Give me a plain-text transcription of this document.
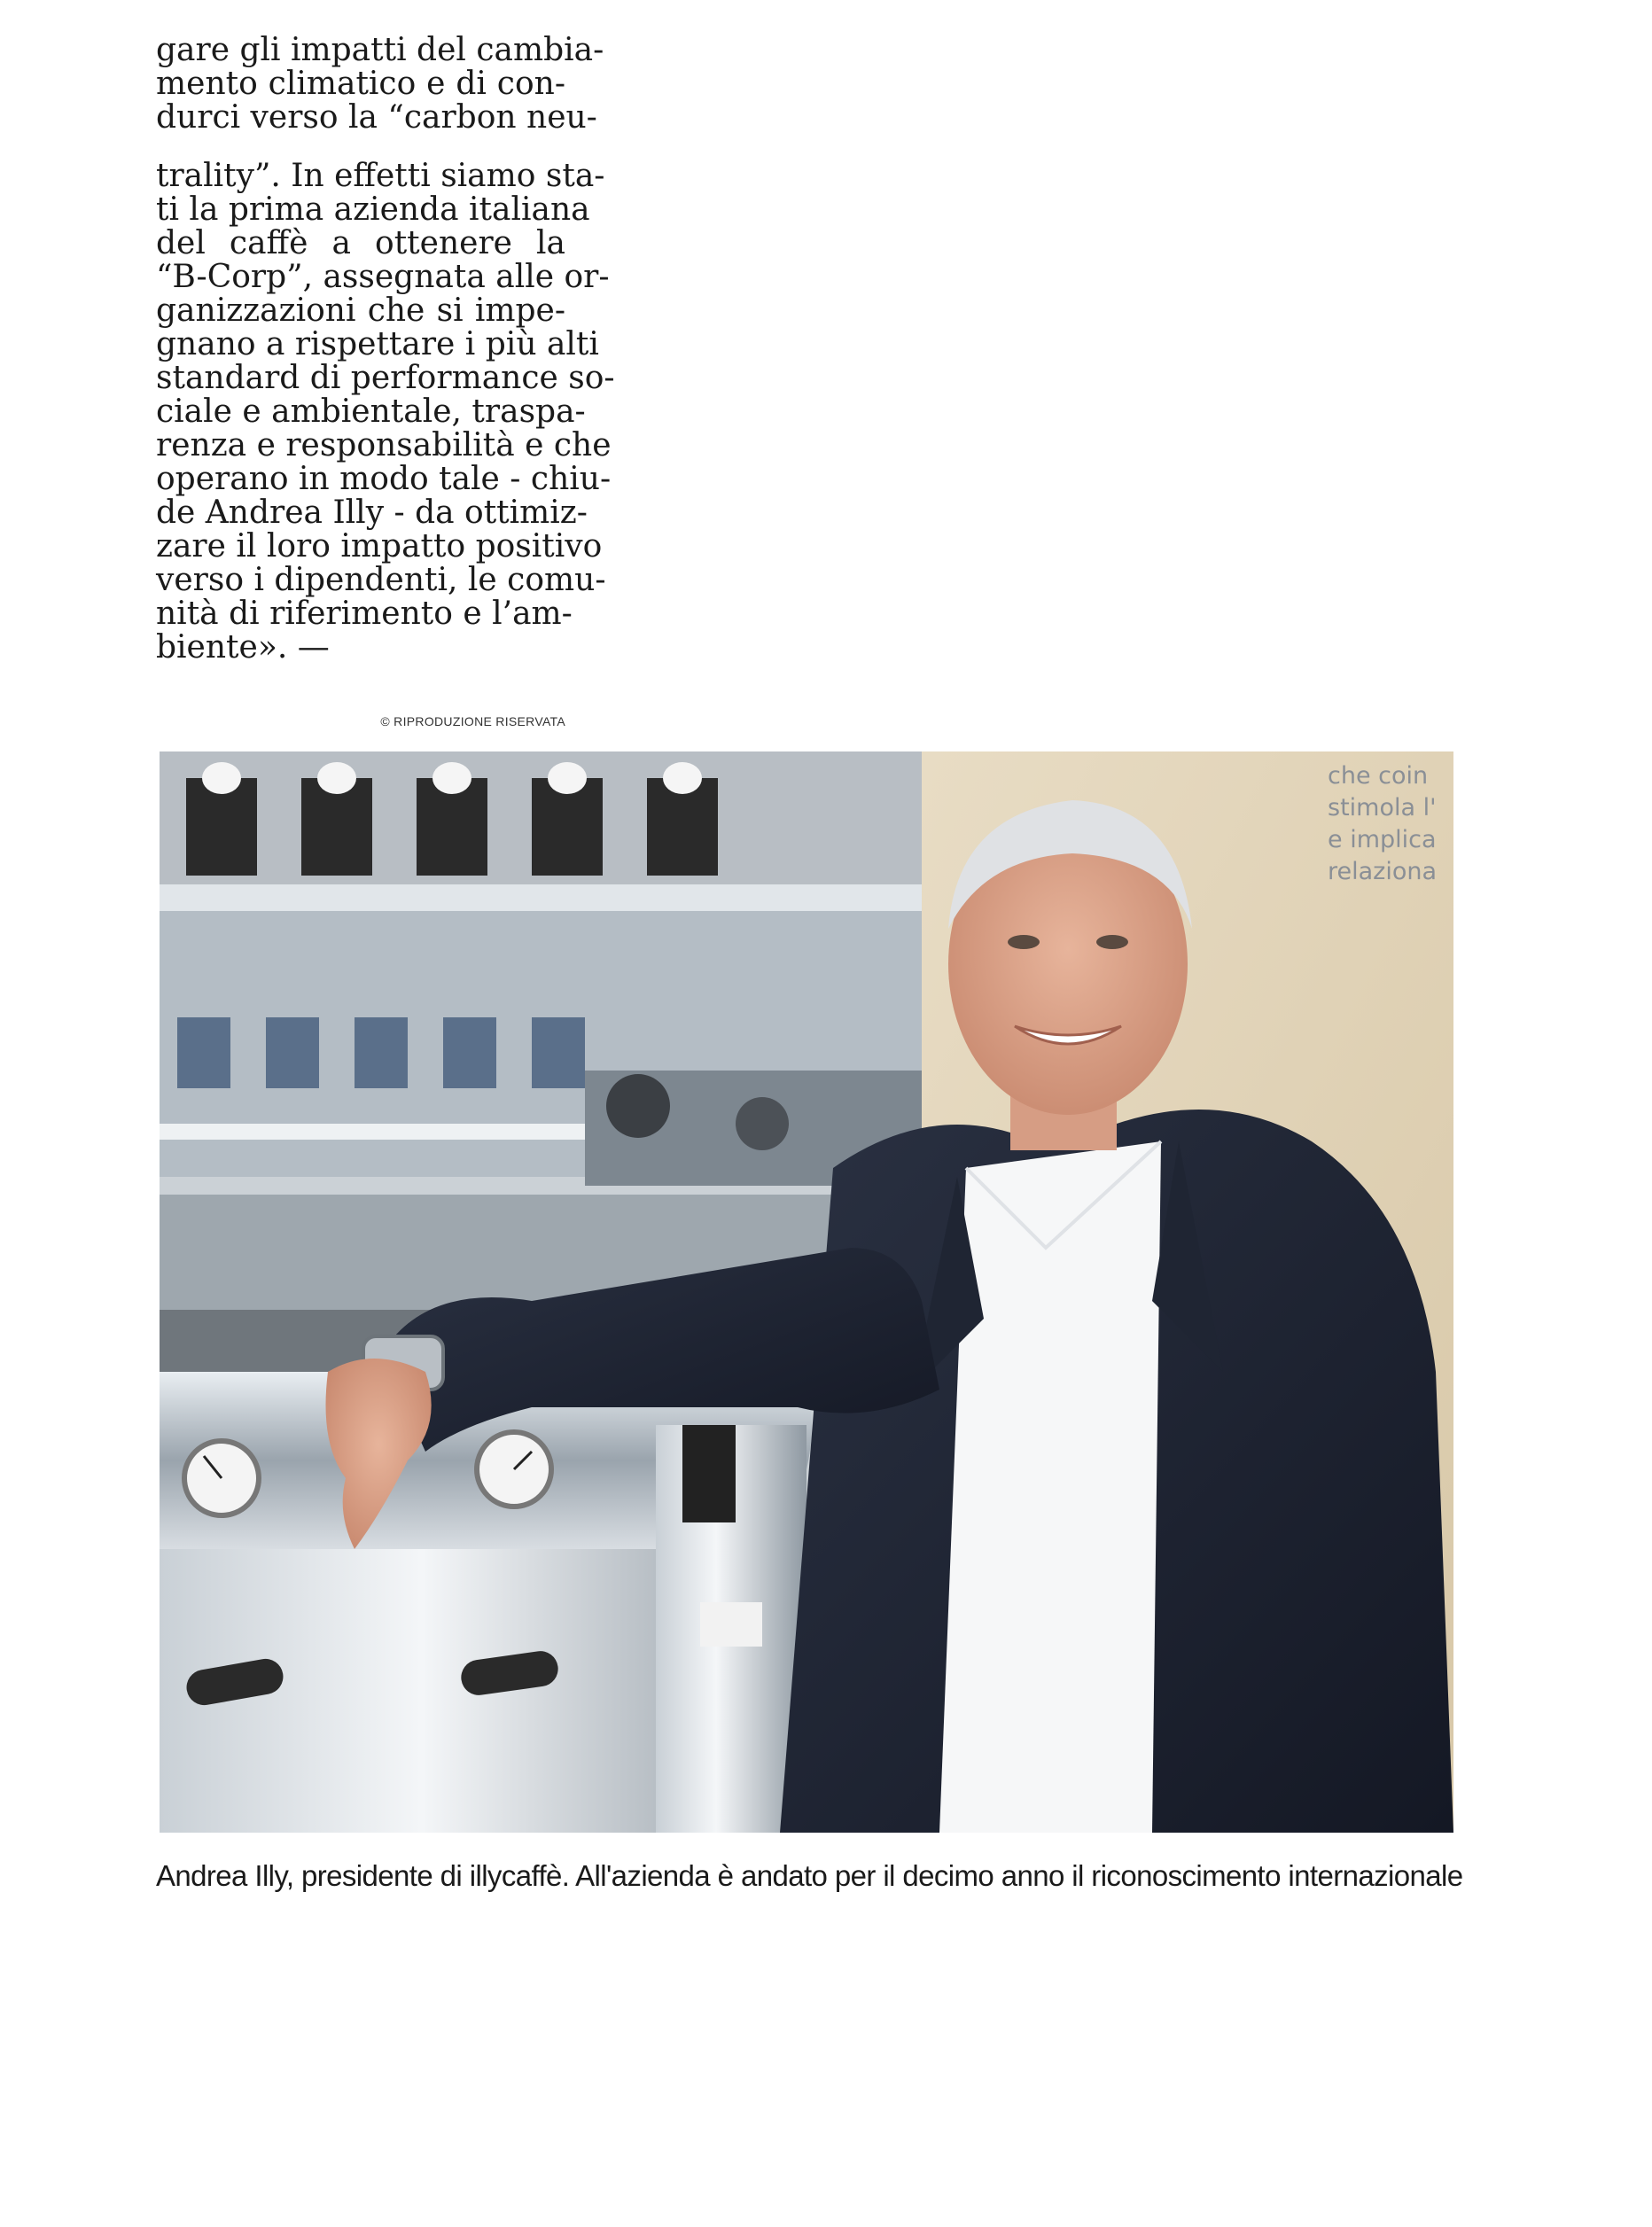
gare gli impatti del cambia-
mento climatico e di con-
durci verso la “carbon neu-
trality”. In effetti siamo sta-
ti la prima azienda italiana
del caffè a ottenere la
“B-Corp”, assegnata alle or-
ganizzazioni che si impe-
gnano a rispettare i più alti
standard di performance so-
ciale e ambientale, traspa-
renza e responsabilità e che
operano in modo tale - chiu-
de Andrea Illy - da ottimiz-
zare il loro impatto positivo
verso i dipendenti, le comu-
nità di riferimento e l’am-
biente». —
© RIPRODUZIONE RISERVATA
che coin
stimola l'
e implica
relaziona
Andrea Illy, presidente di illycaffè. All'azienda è andato per il decimo anno il riconoscimento internazionale
